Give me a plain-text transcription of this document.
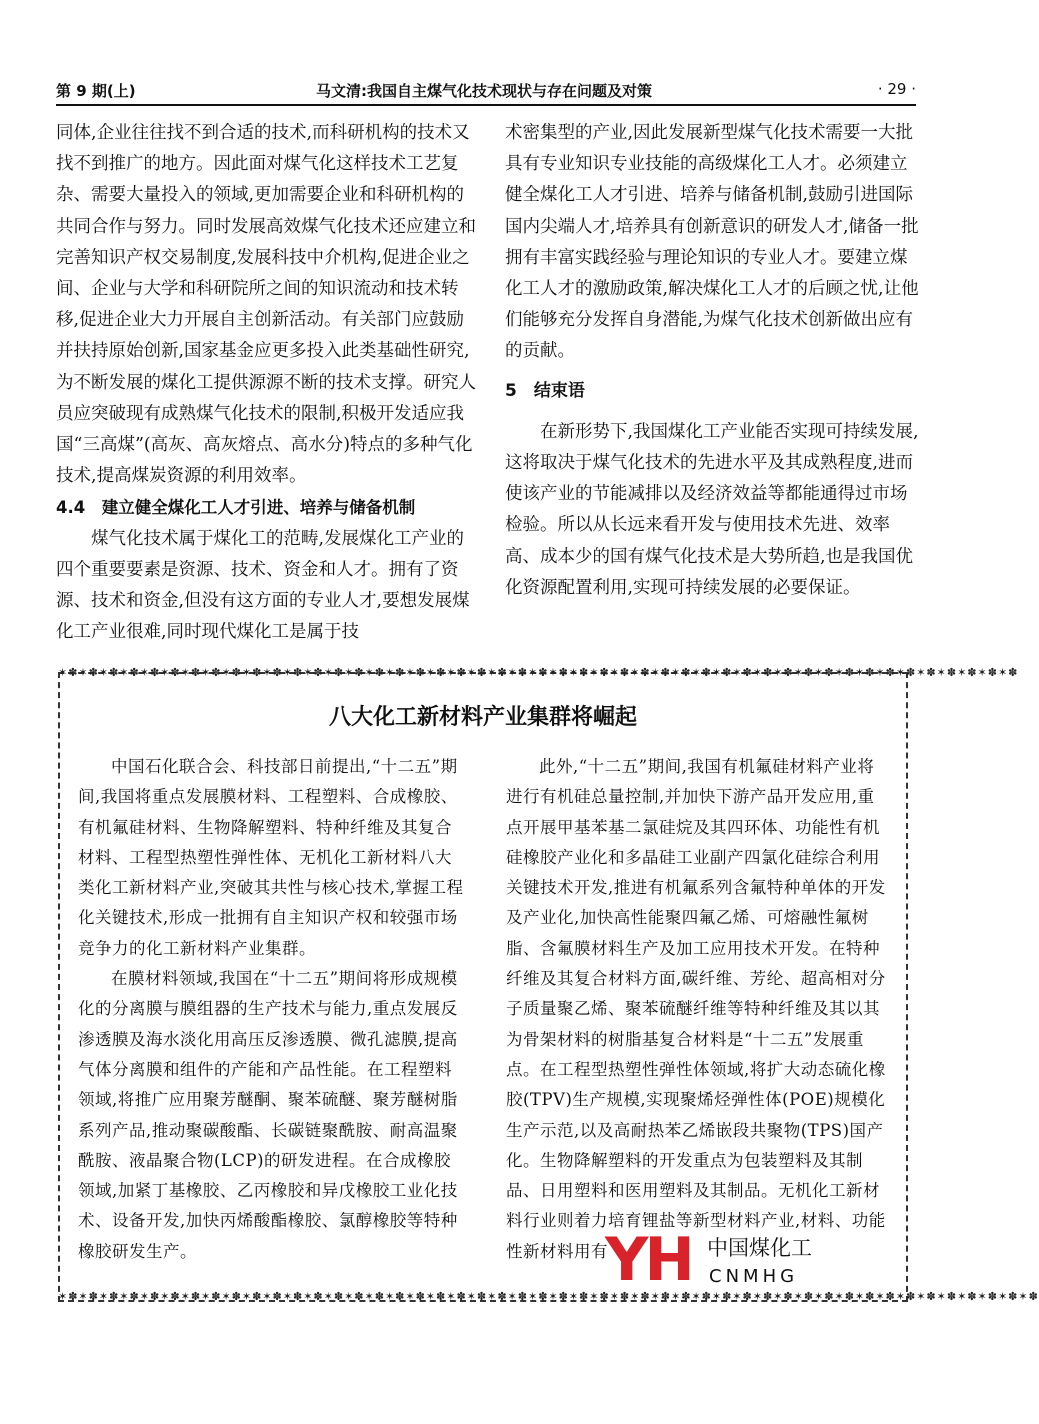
第 9 期(上)	马文清:我国自主煤气化技术现状与存在问题及对策	· 29 ·

同体,企业往往找不到合适的技术,而科研机构的技术又找不到推广的地方。因此面对煤气化这样技术工艺复杂、需要大量投入的领域,更加需要企业和科研机构的共同合作与努力。同时发展高效煤气化技术还应建立和完善知识产权交易制度,发展科技中介机构,促进企业之间、企业与大学和科研院所之间的知识流动和技术转移,促进企业大力开展自主创新活动。有关部门应鼓励并扶持原始创新,国家基金应更多投入此类基础性研究,为不断发展的煤化工提供源源不断的技术支撑。研究人员应突破现有成熟煤气化技术的限制,积极开发适应我国“三高煤”(高灰、高灰熔点、高水分)特点的多种气化技术,提高煤炭资源的利用效率。

4.4　建立健全煤化工人才引进、培养与储备机制

煤气化技术属于煤化工的范畴,发展煤化工产业的四个重要要素是资源、技术、资金和人才。拥有了资源、技术和资金,但没有这方面的专业人才,要想发展煤化工产业很难,同时现代煤化工是属于技

术密集型的产业,因此发展新型煤气化技术需要一大批具有专业知识专业技能的高级煤化工人才。必须建立健全煤化工人才引进、培养与储备机制,鼓励引进国际国内尖端人才,培养具有创新意识的研发人才,储备一批拥有丰富实践经验与理论知识的专业人才。要建立煤化工人才的激励政策,解决煤化工人才的后顾之忧,让他们能够充分发挥自身潜能,为煤气化技术创新做出应有的贡献。

5　结束语

在新形势下,我国煤化工产业能否实现可持续发展,这将取决于煤气化技术的先进水平及其成熟程度,进而使该产业的节能减排以及经济效益等都能通得过市场检验。所以从长远来看开发与使用技术先进、效率高、成本少的国有煤气化技术是大势所趋,也是我国优化资源配置利用,实现可持续发展的必要保证。

✶✽✶✽✶✽✶✽✶✽✶✽✶✽✶✽✶✽✶✽✶✽✶✽✶✽✶✽✶✽✶✽✶✽✶✽✶✽✶✽✶✽✶✽✶✽✶✽✶✽✶✽✶✽✶✽✶✽✶✽✶✽✶✽✶✽✶✽✶✽✶✽✶✽✶✽✶✽✶✽✶✽✶✽✶✽✶✽✶✽✶✽✶✽
✶✽✶✽✶✽✶✽✶✽✶✽✶✽✶✽✶✽✶✽✶✽✶✽✶✽✶✽✶✽✶✽✶✽✶✽✶✽✶✽✶✽✶✽✶✽✶✽✶✽✶✽✶✽✶✽✶✽✶✽✶✽✶✽✶✽✶✽✶✽✶✽✶✽✶✽✶✽✶✽✶✽✶✽✶✽✶✽✶✽✶✽✶✽✶✽
八大化工新材料产业集群将崛起

中国石化联合会、科技部日前提出,“十二五”期间,我国将重点发展膜材料、工程塑料、合成橡胶、有机氟硅材料、生物降解塑料、特种纤维及其复合材料、工程型热塑性弹性体、无机化工新材料八大类化工新材料产业,突破其共性与核心技术,掌握工程化关键技术,形成一批拥有自主知识产权和较强市场竞争力的化工新材料产业集群。

在膜材料领域,我国在“十二五”期间将形成规模化的分离膜与膜组器的生产技术与能力,重点发展反渗透膜及海水淡化用高压反渗透膜、微孔滤膜,提高气体分离膜和组件的产能和产品性能。在工程塑料领域,将推广应用聚芳醚酮、聚苯硫醚、聚芳醚树脂系列产品,推动聚碳酸酯、长碳链聚酰胺、耐高温聚酰胺、液晶聚合物(LCP)的研发进程。在合成橡胶领域,加紧丁基橡胶、乙丙橡胶和异戊橡胶工业化技术、设备开发,加快丙烯酸酯橡胶、氯醇橡胶等特种橡胶研发生产。

此外,“十二五”期间,我国有机氟硅材料产业将进行有机硅总量控制,并加快下游产品开发应用,重点开展甲基苯基二氯硅烷及其四环体、功能性有机硅橡胶产业化和多晶硅工业副产四氯化硅综合利用关键技术开发,推进有机氟系列含氟特种单体的开发及产业化,加快高性能聚四氟乙烯、可熔融性氟树脂、含氟膜材料生产及加工应用技术开发。在特种纤维及其复合材料方面,碳纤维、芳纶、超高相对分子质量聚乙烯、聚苯硫醚纤维等特种纤维及其以其为骨架材料的树脂基复合材料是“十二五”发展重点。在工程型热塑性弹性体领域,将扩大动态硫化橡胶(TPV)生产规模,实现聚烯烃弹性体(POE)规模化生产示范,以及高耐热苯乙烯嵌段共聚物(TPS)国产化。生物降解塑料的开发重点为包装塑料及其制品、日用塑料和医用塑料及其制品。无机化工新材料行业则着力培育锂盐等新型材料产业,材料、功能性新材料用有

YH 中国煤化工
CNMHG
